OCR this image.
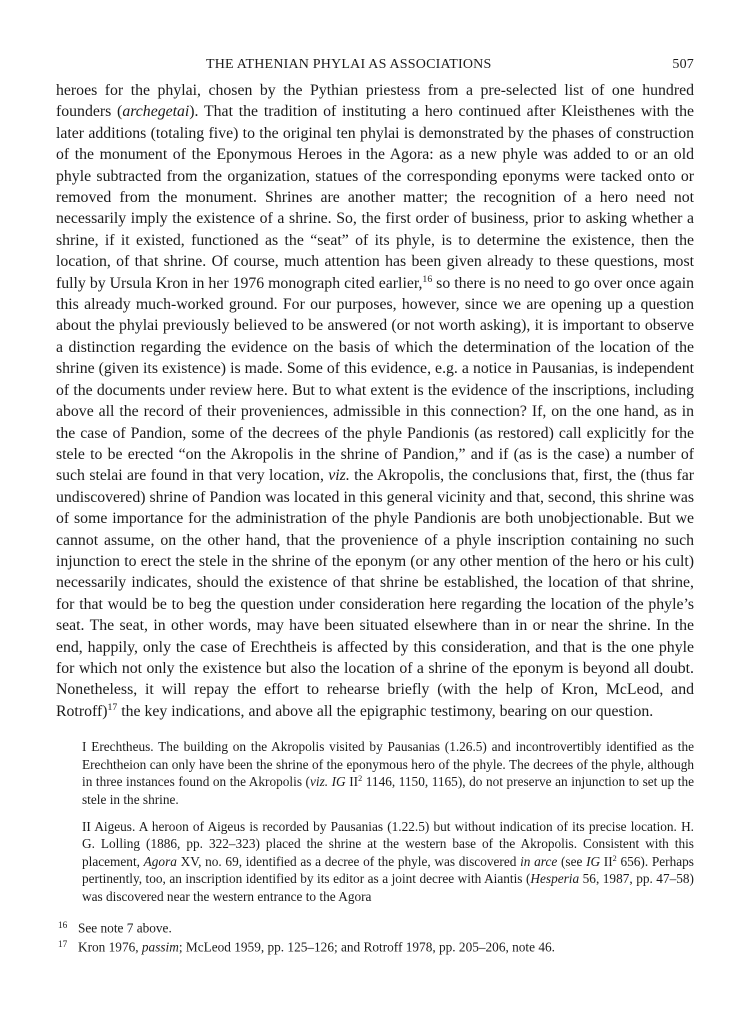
THE ATHENIAN PHYLAI AS ASSOCIATIONS	507

heroes for the phylai, chosen by the Pythian priestess from a pre-selected list of one hundred founders (archegetai). That the tradition of instituting a hero continued after Kleisthenes with the later additions (totaling five) to the original ten phylai is demonstrated by the phases of construction of the monument of the Eponymous Heroes in the Agora: as a new phyle was added to or an old phyle subtracted from the organization, statues of the corresponding eponyms were tacked onto or removed from the monument. Shrines are another matter; the recognition of a hero need not necessarily imply the existence of a shrine. So, the first order of business, prior to asking whether a shrine, if it existed, functioned as the “seat” of its phyle, is to determine the existence, then the location, of that shrine. Of course, much attention has been given already to these questions, most fully by Ursula Kron in her 1976 monograph cited earlier,$^{16}$ so there is no need to go over once again this already much-worked ground. For our purposes, however, since we are opening up a question about the phylai previously believed to be answered (or not worth asking), it is important to observe a distinction regarding the evidence on the basis of which the determination of the location of the shrine (given its existence) is made. Some of this evidence, e.g. a notice in Pausanias, is independent of the documents under review here. But to what extent is the evidence of the inscriptions, including above all the record of their proveniences, admissible in this connection? If, on the one hand, as in the case of Pandion, some of the decrees of the phyle Pandionis (as restored) call explicitly for the stele to be erected “on the Akropolis in the shrine of Pandion,” and if (as is the case) a number of such stelai are found in that very location, viz. the Akropolis, the conclusions that, first, the (thus far undiscovered) shrine of Pandion was located in this general vicinity and that, second, this shrine was of some importance for the administration of the phyle Pandionis are both unobjectionable. But we cannot assume, on the other hand, that the provenience of a phyle inscription containing no such injunction to erect the stele in the shrine of the eponym (or any other mention of the hero or his cult) necessarily indicates, should the existence of that shrine be established, the location of that shrine, for that would be to beg the question under consideration here regarding the location of the phyle’s seat. The seat, in other words, may have been situated elsewhere than in or near the shrine. In the end, happily, only the case of Erechtheis is affected by this consideration, and that is the one phyle for which not only the existence but also the location of a shrine of the eponym is beyond all doubt. Nonetheless, it will repay the effort to rehearse briefly (with the help of Kron, McLeod, and Rotroff)$^{17}$ the key indications, and above all the epigraphic testimony, bearing on our question.

I Erechtheus. The building on the Akropolis visited by Pausanias (1.26.5) and incontrovertibly identified as the Erechtheion can only have been the shrine of the eponymous hero of the phyle. The decrees of the phyle, although in three instances found on the Akropolis (viz. IG $II^2$ 1146, 1150, 1165), do not preserve an injunction to set up the stele in the shrine.

II Aigeus. A heroon of Aigeus is recorded by Pausanias (1.22.5) but without indication of its precise location. H. G. Lolling (1886, pp. 322–323) placed the shrine at the western base of the Akropolis. Consistent with this placement, Agora XV, no. 69, identified as a decree of the phyle, was discovered in arce (see IG $II^2$ 656). Perhaps pertinently, too, an inscription identified by its editor as a joint decree with Aiantis (Hesperia 56, 1987, pp. 47–58) was discovered near the western entrance to the Agora

16 See note 7 above.

17 Kron 1976, passim; McLeod 1959, pp. 125–126; and Rotroff 1978, pp. 205–206, note 46.
